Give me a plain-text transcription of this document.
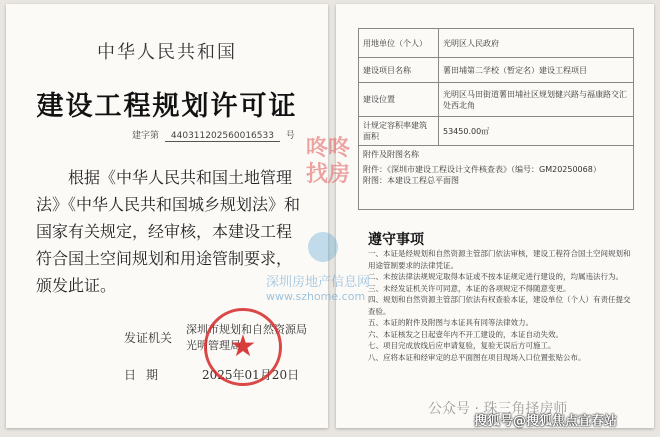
中华人民共和国
建设工程规划许可证
建字第 440311202560016533 号
根据《中华人民共和国土地管理法》《中华人民共和国城乡规划法》和国家有关规定，经审核，本建设工程符合国土空间规划和用途管制要求，颁发此证。
发证机关
深圳市规划和自然资源局光明管理局
日期	2025年01月20日
★
用地单位（个人）	光明区人民政府
建设项目名称	薯田埔第二学校（暂定名）建设工程项目
建设位置	光明区马田街道薯田埔社区规划健兴路与福康路交汇处西北角
计规定容积率建筑面积	53450.00㎡

附件及附图名称
附件：《深圳市建设工程设计文件核查表》（编号：GM20250068）
附图：本建设工程总平面图	
遵守事项
一、本证是经规划和自然资源主管部门依法审核，建设工程符合国土空间规划和用途管制要求的法律凭证。
二、未按法律法规规定取得本证或不按本证规定进行建设的，均属违法行为。
三、未经发证机关许可同意，本证的各项规定不得随意变更。
四、规划和自然资源主管部门依法有权查验本证，建设单位（个人）有责任提交查验。
五、本证的附件及附图与本证具有同等法律效力。
六、本证核发之日起壹年内不开工建设的，本证自动失效。
七、项目完成放线后应申请复验，复验无误后方可施工。
八、应将本证和经审定的总平面图在项目现场入口位置张贴公布。
咚咚
找房
深圳房地产信息网
www.szhome.com
公众号 · 珠三角择房师
搜狐号@搜狐焦点宜春站
